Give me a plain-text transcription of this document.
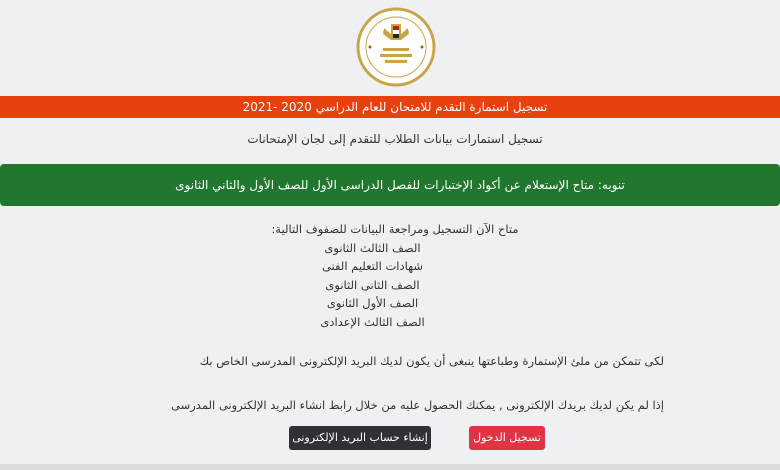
تسجيل استمارة التقدم للامتحان للعام الدراسي 2020 -2021
تسجيل استمارات بيانات الطلاب للتقدم إلى لجان الإمتحانات
تنويه: متاح الإستعلام عن أكواد الإختبارات للفصل الدراسى الأول للصف الأول والثاني الثانوى
متاح الآن التسجيل ومراجعة البيانات للصفوف التالية:
الصف الثالث الثانوى
شهادات التعليم الفنى
الصف الثانى الثانوى
الصف الأول الثانوى
الصف الثالث الإعدادى
لكى تتمكن من ملئ الإستمارة وطباعتها ينبغى أن يكون لديك البريد الإلكترونى المدرسى الخاص بك
إذا لم يكن لديك بريدك الإلكترونى , يمكنك الحصول عليه من خلال رابط انشاء البريد الإلكترونى المدرسى
تسجيل الدخول
إنشاء حساب البريد الإلكترونى
